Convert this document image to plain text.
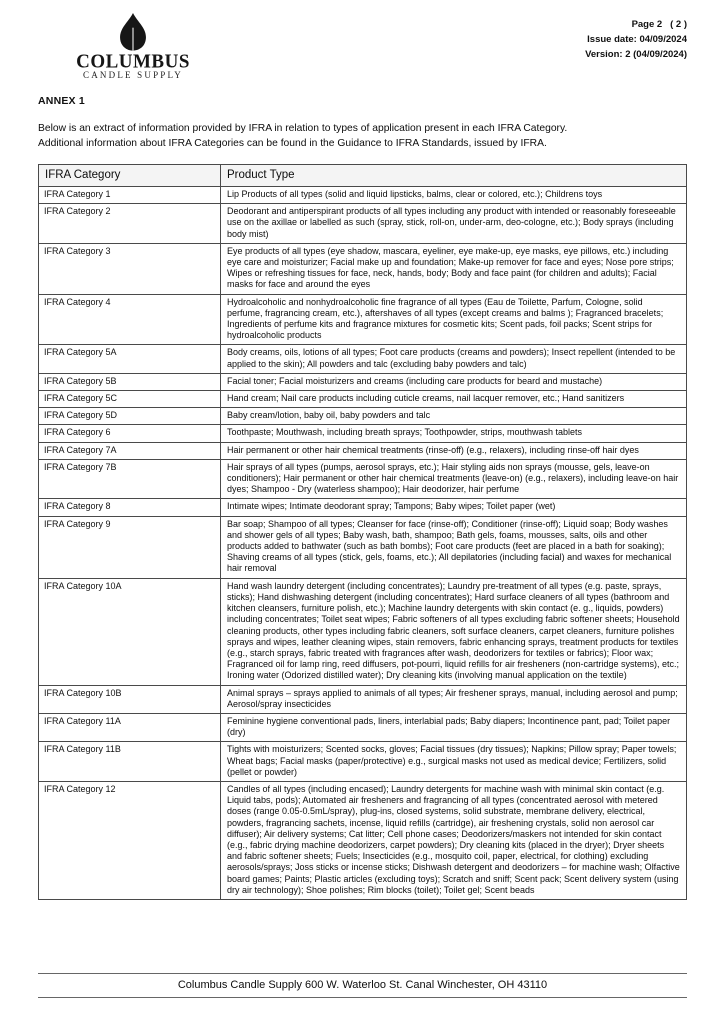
COLUMBUS
CANDLE SUPPLY
Page 2   ( 2 )
Issue date: 04/09/2024
Version: 2 (04/09/2024)
ANNEX 1
Below is an extract of information provided by IFRA in relation to types of application present in each IFRA Category.
Additional information about IFRA Categories can be found in the Guidance to IFRA Standards, issued by IFRA.
IFRA Category	Product Type
IFRA Category 1	Lip Products of all types (solid and liquid lipsticks, balms, clear or colored, etc.); Childrens toys
IFRA Category 2	Deodorant and antiperspirant products of all types including any product with intended or reasonably foreseeable use on the axillae or labelled as such (spray, stick, roll-on, under-arm, deo-cologne, etc.); Body sprays (including body mist)
IFRA Category 3	Eye products of all types (eye shadow, mascara, eyeliner, eye make-up, eye masks, eye pillows, etc.) including eye care and moisturizer; Facial make up and foundation; Make-up remover for face and eyes; Nose pore strips; Wipes or refreshing tissues for face, neck, hands, body; Body and face paint (for children and adults); Facial masks for face and around the eyes
IFRA Category 4	Hydroalcoholic and nonhydroalcoholic fine fragrance of all types (Eau de Toilette, Parfum, Cologne, solid perfume, fragrancing cream, etc.), aftershaves of all types (except creams and balms ); Fragranced bracelets; Ingredients of perfume kits and fragrance mixtures for cosmetic kits; Scent pads, foil packs; Scent strips for hydroalcoholic products
IFRA Category 5A	Body creams, oils, lotions of all types; Foot care products (creams and powders); Insect repellent (intended to be applied to the skin); All powders and talc (excluding baby powders and talc)
IFRA Category 5B	Facial toner; Facial moisturizers and creams (including care products for beard and mustache)
IFRA Category 5C	Hand cream; Nail care products including cuticle creams, nail lacquer remover, etc.; Hand sanitizers
IFRA Category 5D	Baby cream/lotion, baby oil, baby powders and talc
IFRA Category 6	Toothpaste; Mouthwash, including breath sprays; Toothpowder, strips, mouthwash tablets
IFRA Category 7A	Hair permanent or other hair chemical treatments (rinse-off) (e.g., relaxers), including rinse-off hair dyes
IFRA Category 7B	Hair sprays of all types (pumps, aerosol sprays, etc.); Hair styling aids non sprays (mousse, gels, leave-on conditioners); Hair permanent or other hair chemical treatments (leave-on) (e.g., relaxers), including leave-on hair dyes; Shampoo - Dry (waterless shampoo); Hair deodorizer, hair perfume
IFRA Category 8	Intimate wipes; Intimate deodorant spray; Tampons; Baby wipes; Toilet paper (wet)
IFRA Category 9	Bar soap; Shampoo of all types; Cleanser for face (rinse-off); Conditioner (rinse-off); Liquid soap; Body washes and shower gels of all types; Baby wash, bath, shampoo; Bath gels, foams, mousses, salts, oils and other products added to bathwater (such as bath bombs); Foot care products (feet are placed in a bath for soaking); Shaving creams of all types (stick, gels, foams, etc.); All depilatories (including facial) and waxes for mechanical hair removal
IFRA Category 10A	Hand wash laundry detergent (including concentrates); Laundry pre-treatment of all types (e.g. paste, sprays, sticks); Hand dishwashing detergent (including concentrates); Hard surface cleaners of all types (bathroom and kitchen cleansers, furniture polish, etc.); Machine laundry detergents with skin contact (e. g., liquids, powders) including concentrates; Toilet seat wipes; Fabric softeners of all types excluding fabric softener sheets; Household cleaning products, other types including fabric cleaners, soft surface cleaners, carpet cleaners, furniture polishes sprays and wipes, leather cleaning wipes, stain removers, fabric enhancing sprays, treatment products for textiles (e.g., starch sprays, fabric treated with fragrances after wash, deodorizers for textiles or fabrics); Floor wax; Fragranced oil for lamp ring, reed diffusers, pot-pourri, liquid refills for air fresheners (non-cartridge systems), etc.; Ironing water (Odorized distilled water); Dry cleaning kits (involving manual application on the textile)
IFRA Category 10B	Animal sprays – sprays applied to animals of all types; Air freshener sprays, manual, including aerosol and pump; Aerosol/spray insecticides
IFRA Category 11A	Feminine hygiene conventional pads, liners, interlabial pads; Baby diapers; Incontinence pant, pad; Toilet paper (dry)
IFRA Category 11B	Tights with moisturizers; Scented socks, gloves; Facial tissues (dry tissues); Napkins; Pillow spray; Paper towels; Wheat bags; Facial masks (paper/protective) e.g., surgical masks not used as medical device; Fertilizers, solid (pellet or powder)
IFRA Category 12	Candles of all types (including encased); Laundry detergents for machine wash with minimal skin contact (e.g. Liquid tabs, pods); Automated air fresheners and fragrancing of all types (concentrated aerosol with metered doses (range 0.05-0.5mL/spray), plug-ins, closed systems, solid substrate, membrane delivery, electrical, powders, fragrancing sachets, incense, liquid refills (cartridge), air freshening crystals, solid non aerosol car diffuser); Air delivery systems; Cat litter; Cell phone cases; Deodorizers/maskers not intended for skin contact (e.g., fabric drying machine deodorizers, carpet powders); Dry cleaning kits (placed in the dryer); Dryer sheets and fabric softener sheets; Fuels; Insecticides (e.g., mosquito coil, paper, electrical, for clothing) excluding aerosols/sprays; Joss sticks or incense sticks; Dishwash detergent and deodorizers – for machine wash; Olfactive board games; Paints; Plastic articles (excluding toys); Scratch and sniff; Scent pack; Scent delivery system (using dry air technology); Shoe polishes; Rim blocks (toilet); Toilet gel; Scent beads
Columbus Candle Supply 600 W. Waterloo St. Canal Winchester, OH 43110
